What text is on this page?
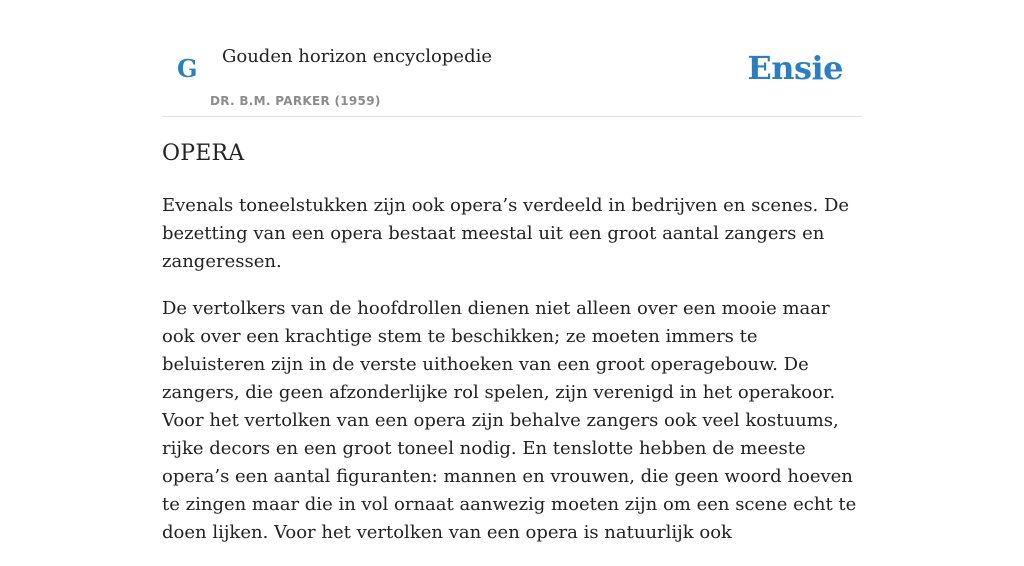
G Gouden horizon encyclopedie
DR. B.M. PARKER (1959)
Ensie
OPERA

Evenals toneelstukken zijn ook opera’s verdeeld in bedrijven en scenes. De bezetting van een opera bestaat meestal uit een groot aantal zangers en zangeressen.

De vertolkers van de hoofdrollen dienen niet alleen over een mooie maar ook over een krachtige stem te beschikken; ze moeten immers te beluisteren zijn in de verste uithoeken van een groot operagebouw. De zangers, die geen afzonderlijke rol spelen, zijn verenigd in het operakoor. Voor het vertolken van een opera zijn behalve zangers ook veel kostuums, rijke decors en een groot toneel nodig. En tenslotte hebben de meeste opera’s een aantal figuranten: mannen en vrouwen, die geen woord hoeven te zingen maar die in vol ornaat aanwezig moeten zijn om een scene echt te doen lijken. Voor het vertolken van een opera is natuurlijk ook
